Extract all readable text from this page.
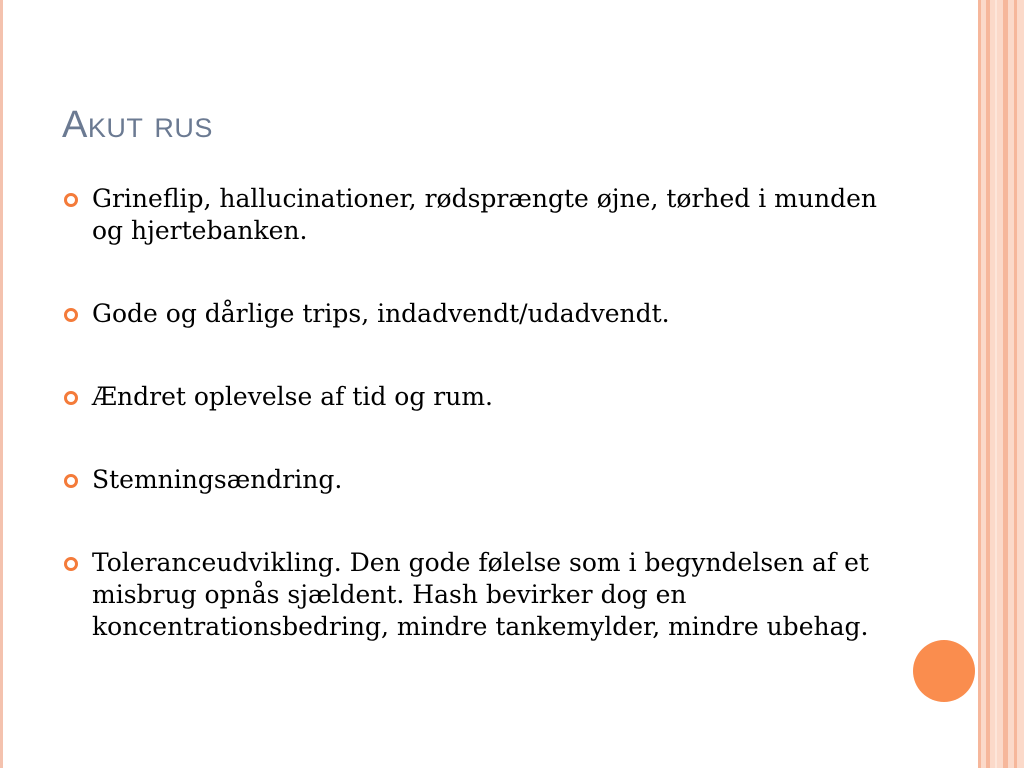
Akut rus
Grineflip, hallucinationer, rødsprængte øjne, tørhed i munden og hjertebanken.
Gode og dårlige trips, indadvendt/udadvendt.
Ændret oplevelse af tid og rum.
Stemningsændring.
Toleranceudvikling. Den gode følelse som i begyndelsen af et misbrug opnås sjældent. Hash bevirker dog en koncentrationsbedring, mindre tankemylder, mindre ubehag.
